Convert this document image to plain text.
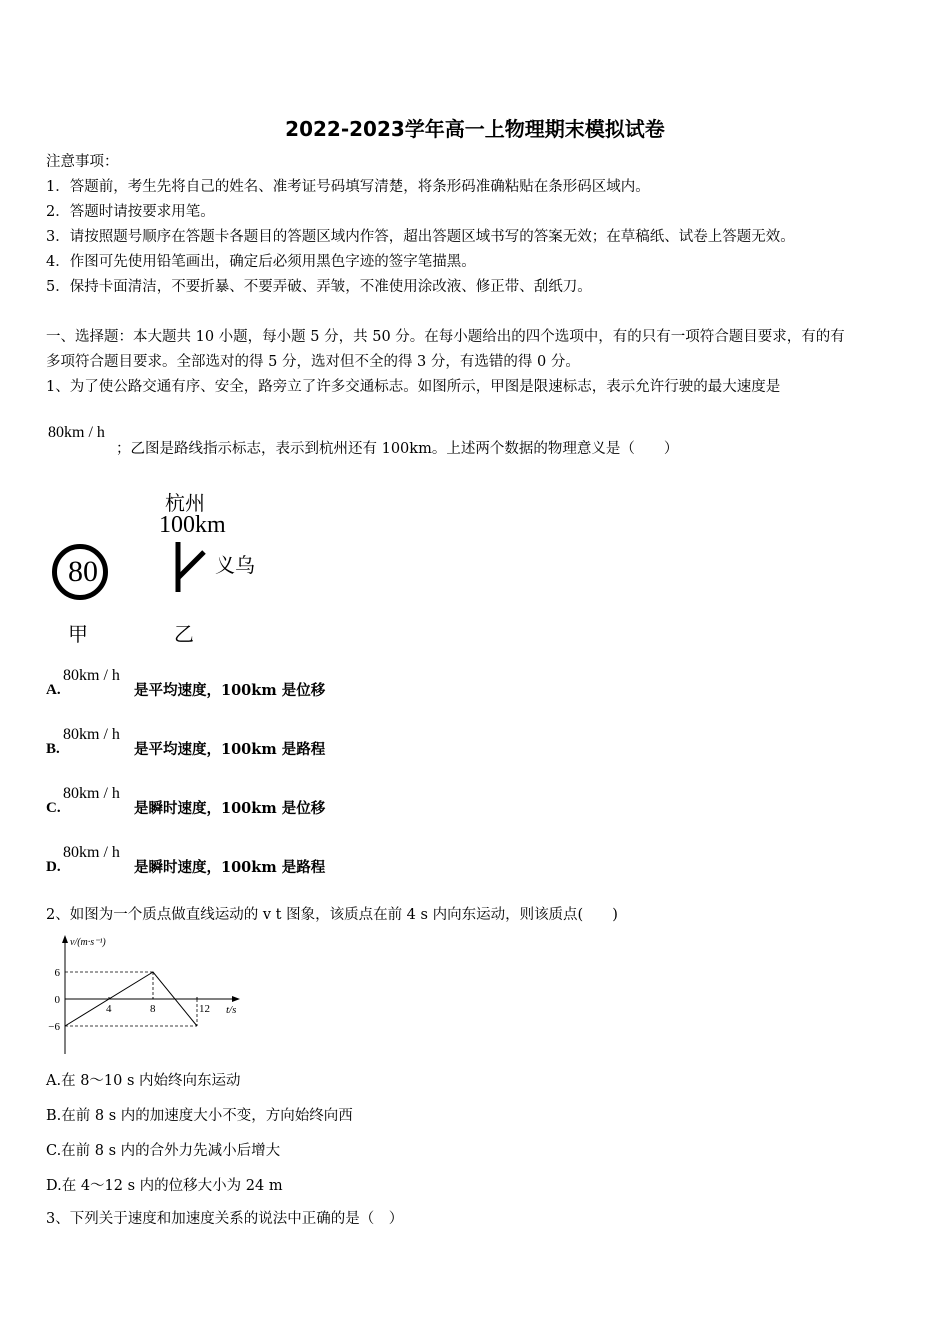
2022-2023学年高一上物理期末模拟试卷
注意事项：
1．答题前，考生先将自己的姓名、准考证号码填写清楚，将条形码准确粘贴在条形码区域内。
2．答题时请按要求用笔。
3．请按照题号顺序在答题卡各题目的答题区域内作答，超出答题区域书写的答案无效；在草稿纸、试卷上答题无效。
4．作图可先使用铅笔画出，确定后必须用黑色字迹的签字笔描黑。
5．保持卡面清洁，不要折暴、不要弄破、弄皱，不准使用涂改液、修正带、刮纸刀。
一、选择题：本大题共 10 小题，每小题 5 分，共 50 分。在每小题给出的四个选项中，有的只有一项符合题目要求，有的有
多项符合题目要求。全部选对的得 5 分，选对但不全的得 3 分，有选错的得 0 分。
1、为了使公路交通有序、安全，路旁立了许多交通标志。如图所示，甲图是限速标志，表示允许行驶的最大速度是
80km / h
；乙图是路线指示标志，表示到杭州还有 100km。上述两个数据的物理意义是（　　）
80
甲
杭州
100km
义乌
乙
A.
80km / h
是平均速度，100km 是位移
B.
80km / h
是平均速度，100km 是路程
C.
80km / h
是瞬时速度，100km 是位移
D.
80km / h
是瞬时速度，100km 是路程
2、如图为一个质点做直线运动的 v t 图象，该质点在前 4 s 内向东运动，则该质点(　　)
4	8	12
6
0
−6
v/(m·s⁻¹)
t/s
A.在 8～10 s 内始终向东运动
B.在前 8 s 内的加速度大小不变，方向始终向西
C.在前 8 s 内的合外力先减小后增大
D.在 4～12 s 内的位移大小为 24 m
3、下列关于速度和加速度关系的说法中正确的是（　）
